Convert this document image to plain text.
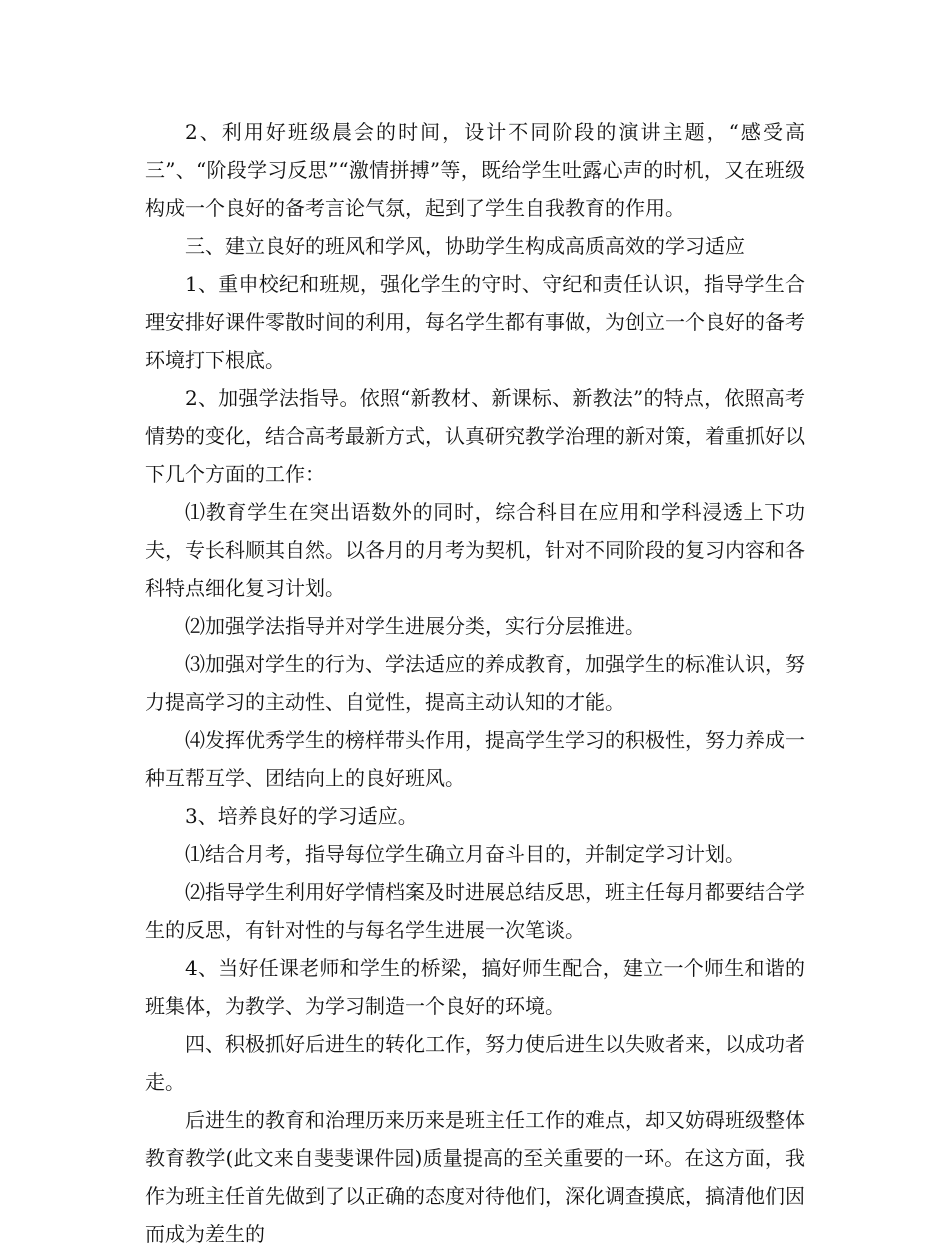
2、利用好班级晨会的时间，设计不同阶段的演讲主题，“感受高三”、“阶段学习反思”“激情拼搏”等，既给学生吐露心声的时机，又在班级构成一个良好的备考言论气氛，起到了学生自我教育的作用。

三、建立良好的班风和学风，协助学生构成高质高效的学习适应

1、重申校纪和班规，强化学生的守时、守纪和责任认识，指导学生合理安排好课件零散时间的利用，每名学生都有事做，为创立一个良好的备考环境打下根底。

2、加强学法指导。依照“新教材、新课标、新教法”的特点，依照高考情势的变化，结合高考最新方式，认真研究教学治理的新对策，着重抓好以下几个方面的工作：

⑴教育学生在突出语数外的同时，综合科目在应用和学科浸透上下功夫，专长科顺其自然。以各月的月考为契机，针对不同阶段的复习内容和各科特点细化复习计划。

⑵加强学法指导并对学生进展分类，实行分层推进。

⑶加强对学生的行为、学法适应的养成教育，加强学生的标准认识，努力提高学习的主动性、自觉性，提高主动认知的才能。

⑷发挥优秀学生的榜样带头作用，提高学生学习的积极性，努力养成一种互帮互学、团结向上的良好班风。

3、培养良好的学习适应。

⑴结合月考，指导每位学生确立月奋斗目的，并制定学习计划。

⑵指导学生利用好学情档案及时进展总结反思，班主任每月都要结合学生的反思，有针对性的与每名学生进展一次笔谈。

4、当好任课老师和学生的桥梁，搞好师生配合，建立一个师生和谐的班集体，为教学、为学习制造一个良好的环境。

四、积极抓好后进生的转化工作，努力使后进生以失败者来，以成功者走。

后进生的教育和治理历来历来是班主任工作的难点，却又妨碍班级整体教育教学(此文来自斐斐课件园)质量提高的至关重要的一环。在这方面，我作为班主任首先做到了以正确的态度对待他们，深化调查摸底，搞清他们因而成为差生的
